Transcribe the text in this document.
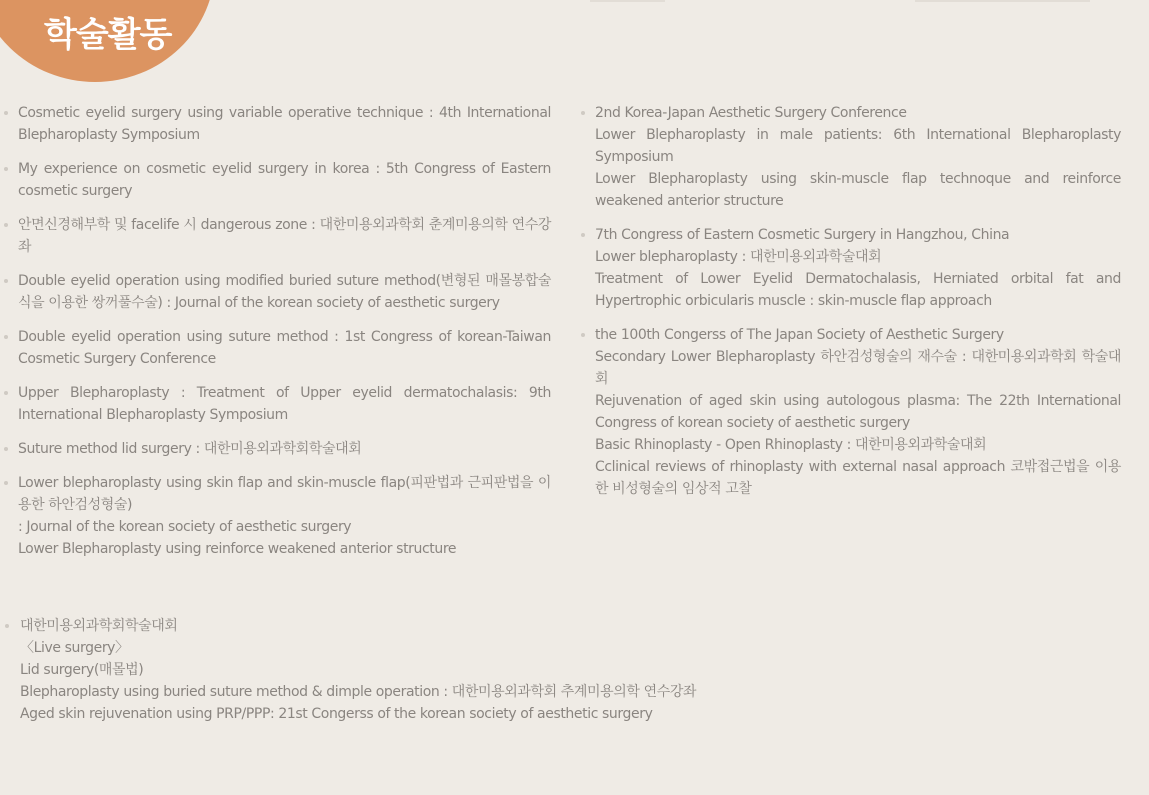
학술활동
Cosmetic eyelid surgery using variable operative technique : 4th International Blepharoplasty Symposium
My experience on cosmetic eyelid surgery in korea : 5th Congress of Eastern cosmetic surgery
안면신경해부학 및 facelife 시 dangerous zone : 대한미용외과학회 춘계미용의학 연수강좌
Double eyelid operation using modified buried suture method(변형된 매몰봉합술식을 이용한 쌍꺼풀수술) : Journal of the korean society of aesthetic surgery
Double eyelid operation using suture method : 1st Congress of korean-Taiwan Cosmetic Surgery Conference
Upper Blepharoplasty : Treatment of Upper eyelid dermatochalasis: 9th International Blepharoplasty Symposium
Suture method lid surgery : 대한미용외과학회학술대회
Lower blepharoplasty using skin flap and skin-muscle flap(피판법과 근피판법을 이용한 하안검성형술)
: Journal of the korean society of aesthetic surgery
Lower Blepharoplasty using reinforce weakened anterior structure
2nd Korea-Japan Aesthetic Surgery Conference
Lower Blepharoplasty in male patients: 6th International Blepharoplasty Symposium
Lower Blepharoplasty using skin-muscle flap technoque and reinforce weakened anterior structure
7th Congress of Eastern Cosmetic Surgery in Hangzhou, China
Lower blepharoplasty : 대한미용외과학술대회
Treatment of Lower Eyelid Dermatochalasis, Herniated orbital fat and Hypertrophic orbicularis muscle : skin-muscle flap approach
the 100th Congerss of The Japan Society of Aesthetic Surgery
Secondary Lower Blepharoplasty 하안검성형술의 재수술 : 대한미용외과학회 학술대회
Rejuvenation of aged skin using autologous plasma: The 22th International Congress of korean society of aesthetic surgery
Basic Rhinoplasty - Open Rhinoplasty : 대한미용외과학술대회
Cclinical reviews of rhinoplasty with external nasal approach 코밖접근법을 이용한 비성형술의 임상적 고찰
대한미용외과학회학술대회
〈Live surgery〉
Lid surgery(매몰법)
Blepharoplasty using buried suture method & dimple operation : 대한미용외과학회 추계미용의학 연수강좌
Aged skin rejuvenation using PRP/PPP: 21st Congerss of the korean society of aesthetic surgery
